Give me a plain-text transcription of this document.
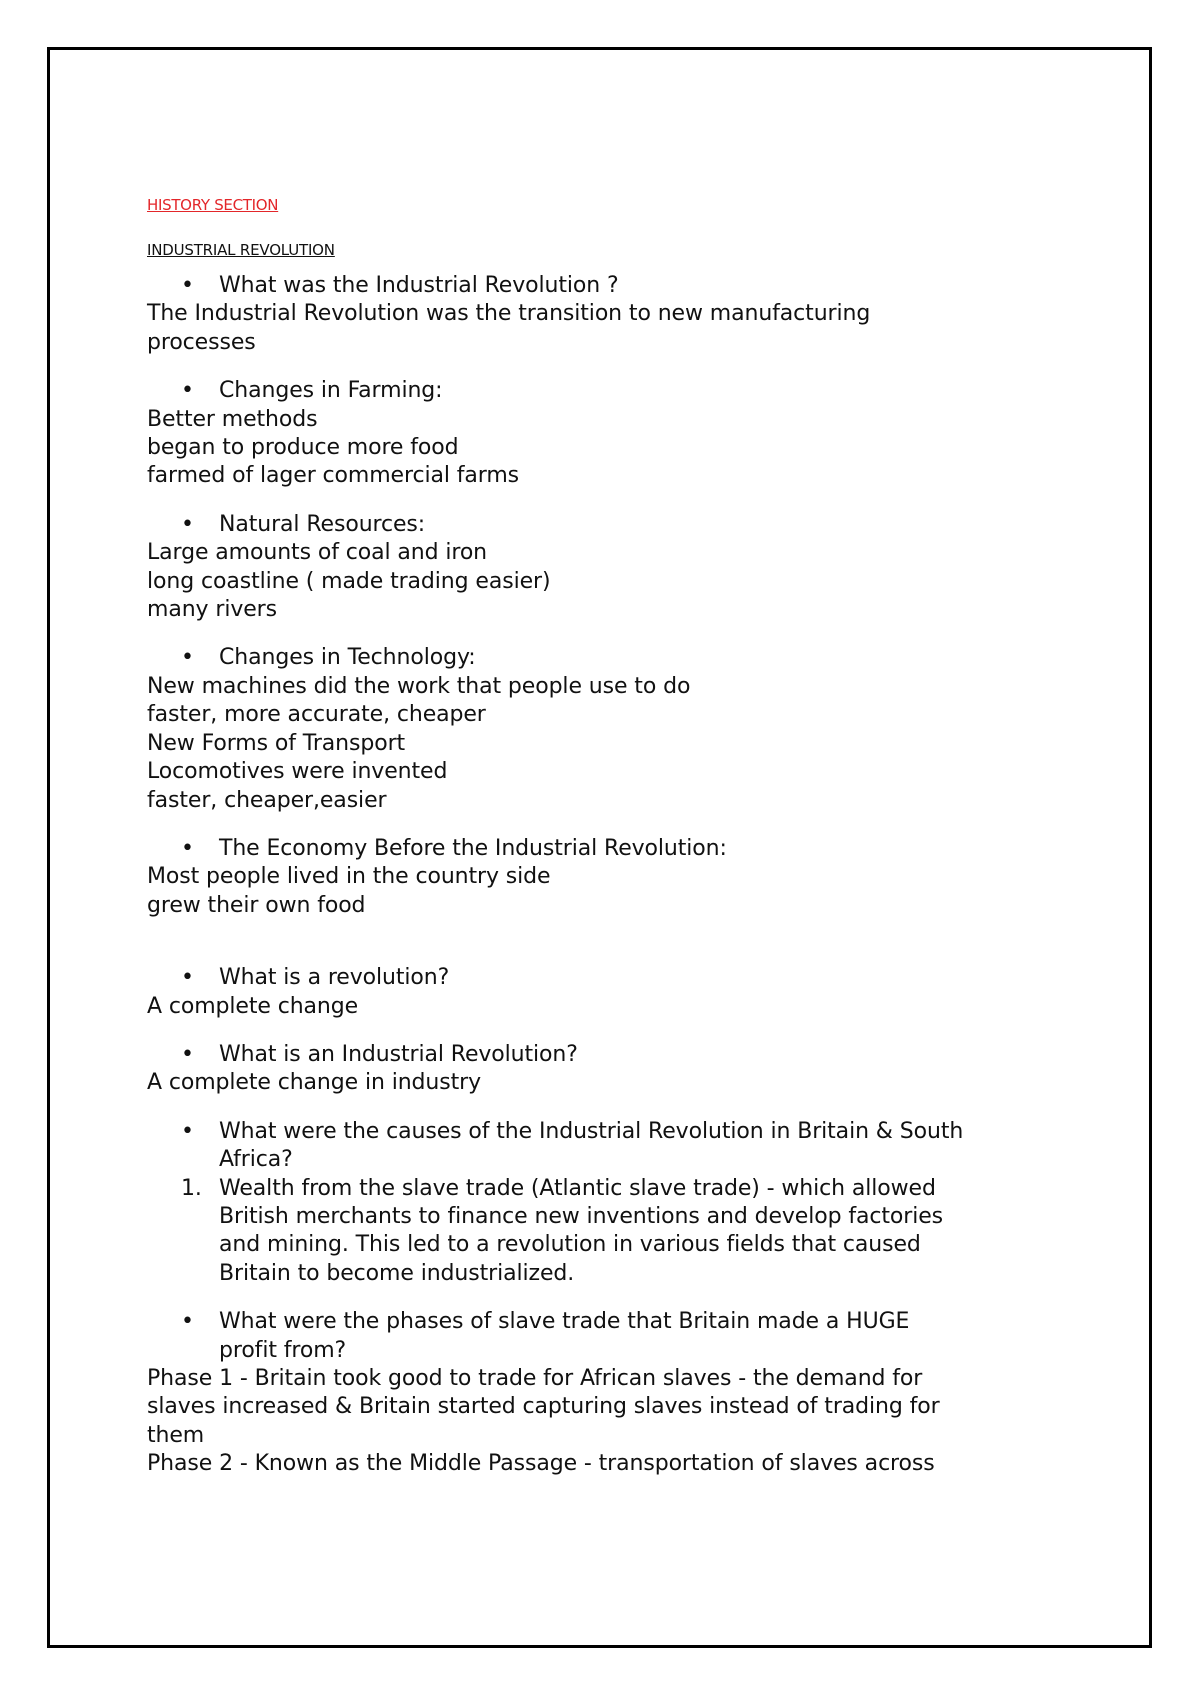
HISTORY SECTION

INDUSTRIAL REVOLUTION

• What was the Industrial Revolution ?

The Industrial Revolution was the transition to new manufacturing

processes

• Changes in Farming:

Better methods

began to produce more food

farmed of lager commercial farms

• Natural Resources:

Large amounts of coal and iron

long coastline ( made trading easier)

many rivers

• Changes in Technology:

New machines did the work that people use to do

faster, more accurate, cheaper

New Forms of Transport

Locomotives were invented

faster, cheaper,easier

• The Economy Before the Industrial Revolution:

Most people lived in the country side

grew their own food

• What is a revolution?

A complete change

• What is an Industrial Revolution?

A complete change in industry

• What were the causes of the Industrial Revolution in Britain & South

Africa?

1. Wealth from the slave trade (Atlantic slave trade) - which allowed

British merchants to finance new inventions and develop factories

and mining. This led to a revolution in various fields that caused

Britain to become industrialized.

• What were the phases of slave trade that Britain made a HUGE

profit from?

Phase 1 - Britain took good to trade for African slaves - the demand for

slaves increased & Britain started capturing slaves instead of trading for

them

Phase 2 - Known as the Middle Passage - transportation of slaves across
